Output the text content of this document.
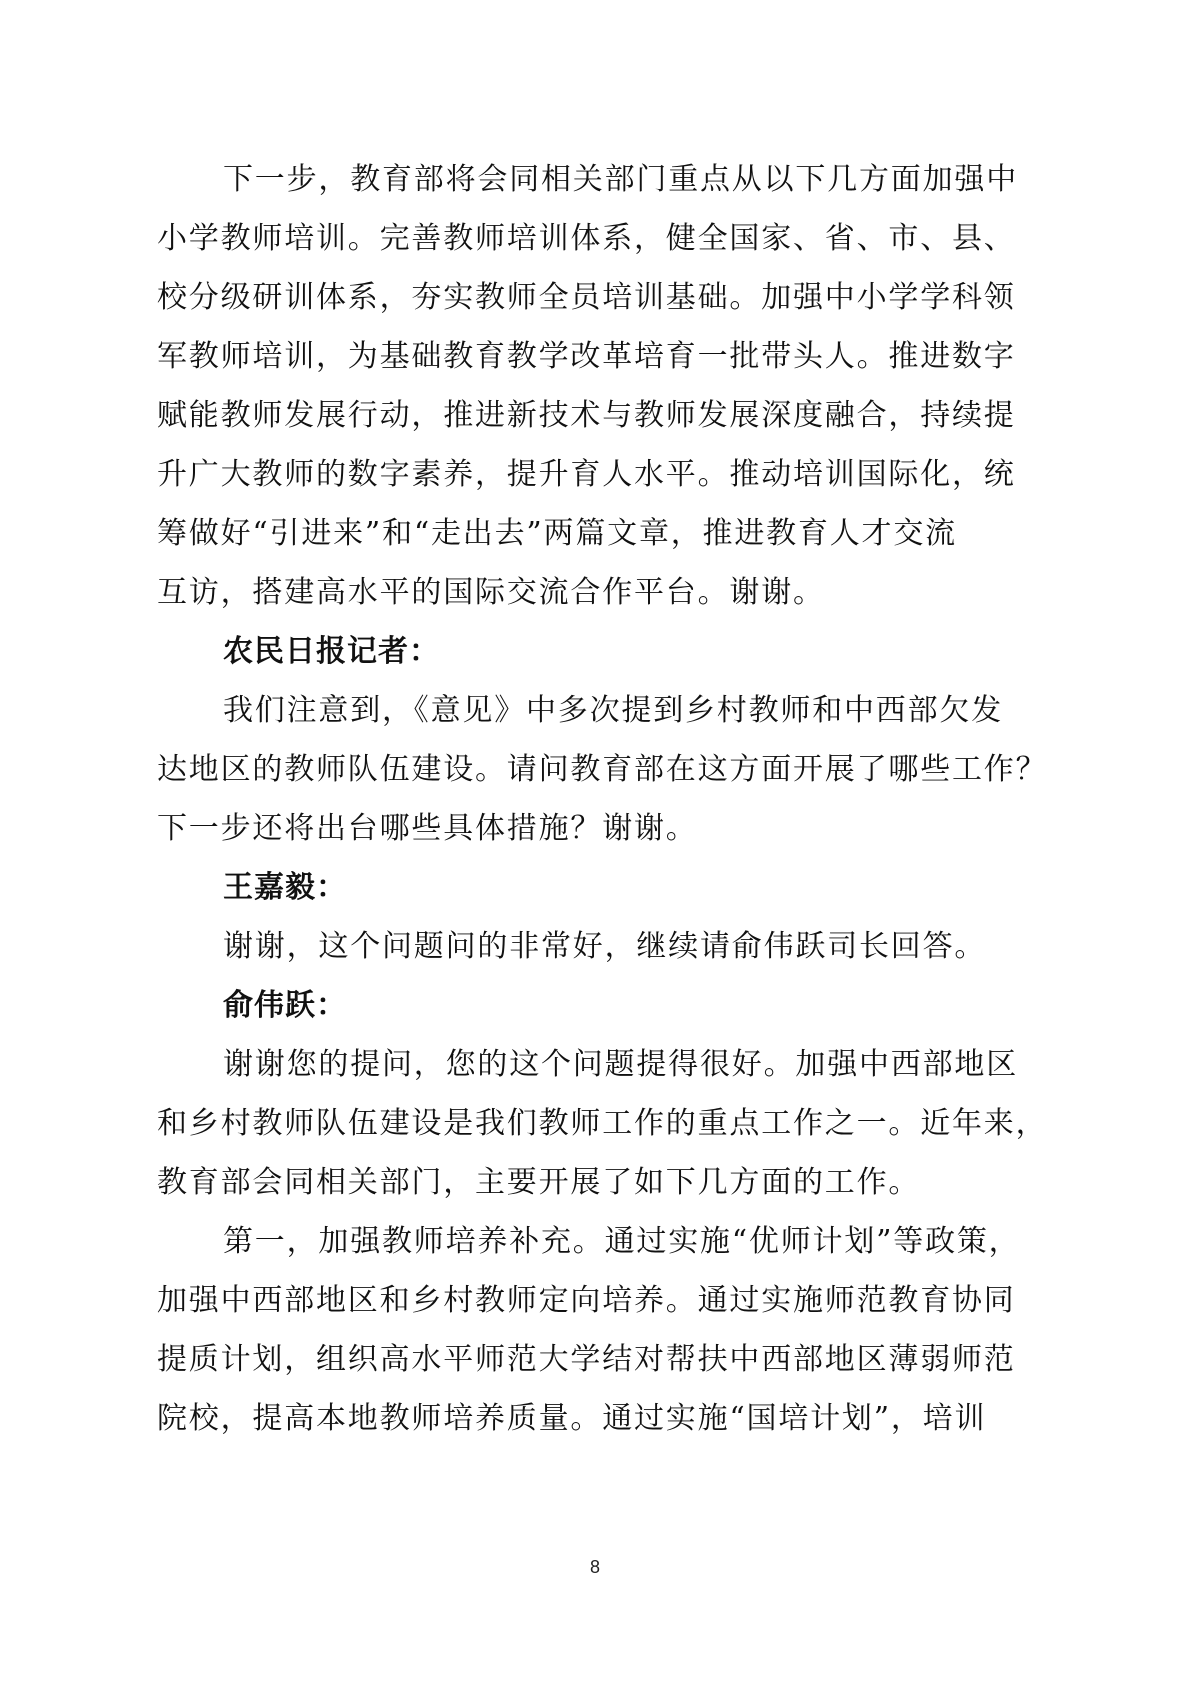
下一步，教育部将会同相关部门重点从以下几方面加强中
小学教师培训。完善教师培训体系，健全国家、省、市、县、
校分级研训体系，夯实教师全员培训基础。加强中小学学科领
军教师培训，为基础教育教学改革培育一批带头人。推进数字
赋能教师发展行动，推进新技术与教师发展深度融合，持续提
升广大教师的数字素养，提升育人水平。推动培训国际化，统
筹做好“引进来”和“走出去”两篇文章，推进教育人才交流
互访，搭建高水平的国际交流合作平台。谢谢。
农民日报记者：
我们注意到，《意见》中多次提到乡村教师和中西部欠发
达地区的教师队伍建设。请问教育部在这方面开展了哪些工作？
下一步还将出台哪些具体措施？谢谢。
王嘉毅：
谢谢，这个问题问的非常好，继续请俞伟跃司长回答。
俞伟跃：
谢谢您的提问，您的这个问题提得很好。加强中西部地区
和乡村教师队伍建设是我们教师工作的重点工作之一。近年来，
教育部会同相关部门，主要开展了如下几方面的工作。
第一，加强教师培养补充。通过实施“优师计划”等政策，
加强中西部地区和乡村教师定向培养。通过实施师范教育协同
提质计划，组织高水平师范大学结对帮扶中西部地区薄弱师范
院校，提高本地教师培养质量。通过实施“国培计划”，培训
8
